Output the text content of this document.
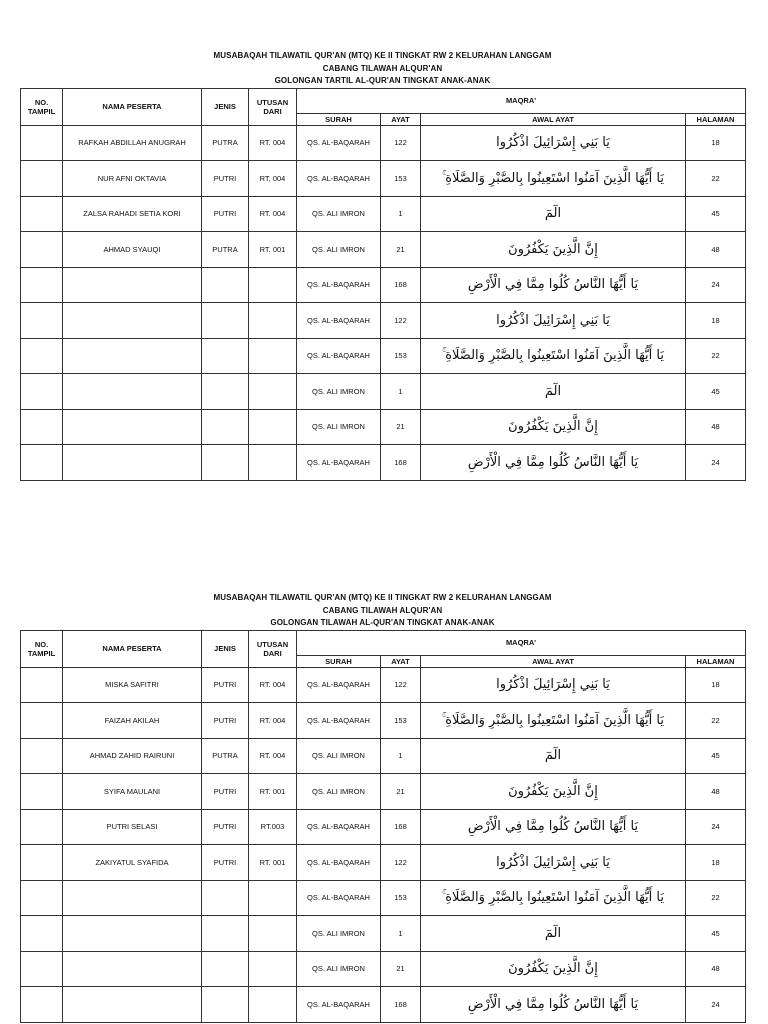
MUSABAQAH TILAWATIL QUR'AN (MTQ) KE II TINGKAT RW 2 KELURAHAN LANGGAM
CABANG TILAWAH ALQUR'AN
GOLONGAN TARTIL AL-QUR'AN TINGKAT ANAK-ANAK
NO. TAMPIL	NAMA PESERTA	JENIS	UTUSAN DARI	MAQRA'			
				SURAH	AYAT	AWAL AYAT	HALAMAN
	RAFKAH ABDILLAH ANUGRAH	PUTRA	RT. 004	QS. AL-BAQARAH	122	يَا بَنِي إِسْرَائِيلَ اذْكُرُوا	18
	NUR AFNI OKTAVIA	PUTRI	RT. 004	QS. AL-BAQARAH	153	يَا أَيُّهَا الَّذِينَ آمَنُوا اسْتَعِينُوا بِالصَّبْرِ وَالصَّلَاةِ ۚ	22
	ZALSA RAHADI SETIA KORI	PUTRI	RT. 004	QS. ALI IMRON	1	الٓمٓ	45
	AHMAD SYAUQI	PUTRA	RT. 001	QS. ALI IMRON	21	إِنَّ الَّذِينَ يَكْفُرُونَ	48
				QS. AL-BAQARAH	168	يَا أَيُّهَا النَّاسُ كُلُوا مِمَّا فِي الْأَرْضِ	24
				QS. AL-BAQARAH	122	يَا بَنِي إِسْرَائِيلَ اذْكُرُوا	18
				QS. AL-BAQARAH	153	يَا أَيُّهَا الَّذِينَ آمَنُوا اسْتَعِينُوا بِالصَّبْرِ وَالصَّلَاةِ ۚ	22
				QS. ALI IMRON	1	الٓمٓ	45
				QS. ALI IMRON	21	إِنَّ الَّذِينَ يَكْفُرُونَ	48
				QS. AL-BAQARAH	168	يَا أَيُّهَا النَّاسُ كُلُوا مِمَّا فِي الْأَرْضِ	24
MUSABAQAH TILAWATIL QUR'AN (MTQ) KE II TINGKAT RW 2 KELURAHAN LANGGAM
CABANG TILAWAH ALQUR'AN
GOLONGAN TILAWAH AL-QUR'AN TINGKAT ANAK-ANAK
NO. TAMPIL	NAMA PESERTA	JENIS	UTUSAN DARI	MAQRA'			
				SURAH	AYAT	AWAL AYAT	HALAMAN
	MISKA SAFITRI	PUTRI	RT. 004	QS. AL-BAQARAH	122	يَا بَنِي إِسْرَائِيلَ اذْكُرُوا	18
	FAIZAH AKILAH	PUTRI	RT. 004	QS. AL-BAQARAH	153	يَا أَيُّهَا الَّذِينَ آمَنُوا اسْتَعِينُوا بِالصَّبْرِ وَالصَّلَاةِ ۚ	22
	AHMAD ZAHID RAIRUNI	PUTRA	RT. 004	QS. ALI IMRON	1	الٓمٓ	45
	SYIFA MAULANI	PUTRI	RT. 001	QS. ALI IMRON	21	إِنَّ الَّذِينَ يَكْفُرُونَ	48
	PUTRI SELASI	PUTRI	RT.003	QS. AL-BAQARAH	168	يَا أَيُّهَا النَّاسُ كُلُوا مِمَّا فِي الْأَرْضِ	24
	ZAKIYATUL SYAFIDA	PUTRI	RT. 001	QS. AL-BAQARAH	122	يَا بَنِي إِسْرَائِيلَ اذْكُرُوا	18
				QS. AL-BAQARAH	153	يَا أَيُّهَا الَّذِينَ آمَنُوا اسْتَعِينُوا بِالصَّبْرِ وَالصَّلَاةِ ۚ	22
				QS. ALI IMRON	1	الٓمٓ	45
				QS. ALI IMRON	21	إِنَّ الَّذِينَ يَكْفُرُونَ	48
				QS. AL-BAQARAH	168	يَا أَيُّهَا النَّاسُ كُلُوا مِمَّا فِي الْأَرْضِ	24
